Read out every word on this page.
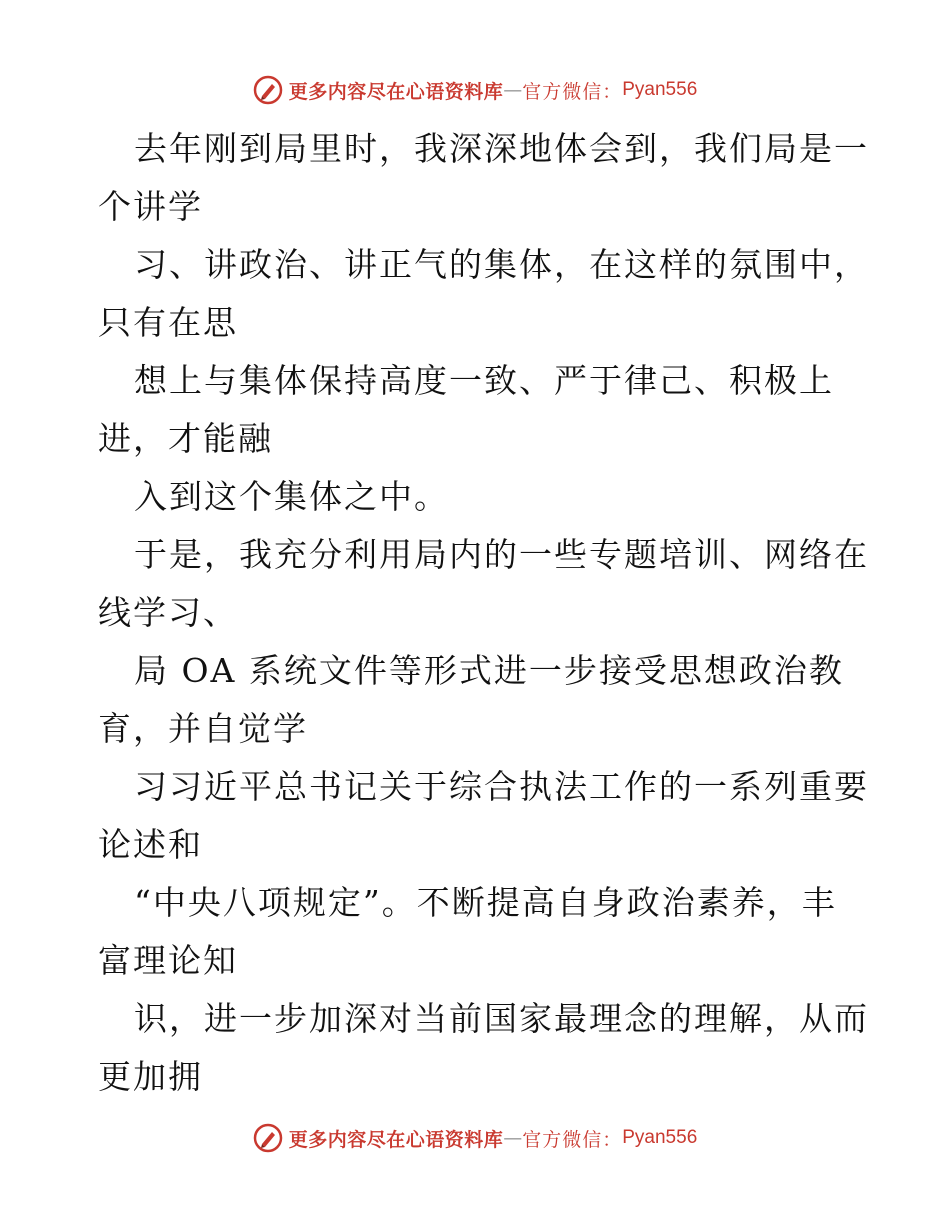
更多内容尽在心语资料库 — 官方微信： Pyan556
去年刚到局里时，我深深地体会到，我们局是一
个讲学
习、讲政治、讲正气的集体，在这样的氛围中，
只有在思
想上与集体保持高度一致、严于律己、积极上
进，才能融
入到这个集体之中。
于是，我充分利用局内的一些专题培训、网络在
线学习、
局 OA 系统文件等形式进一步接受思想政治教
育，并自觉学
习习近平总书记关于综合执法工作的一系列重要
论述和
“中央八项规定”。不断提高自身政治素养，丰
富理论知
识，进一步加深对当前国家最理念的理解，从而
更加拥
更多内容尽在心语资料库 — 官方微信： Pyan556
